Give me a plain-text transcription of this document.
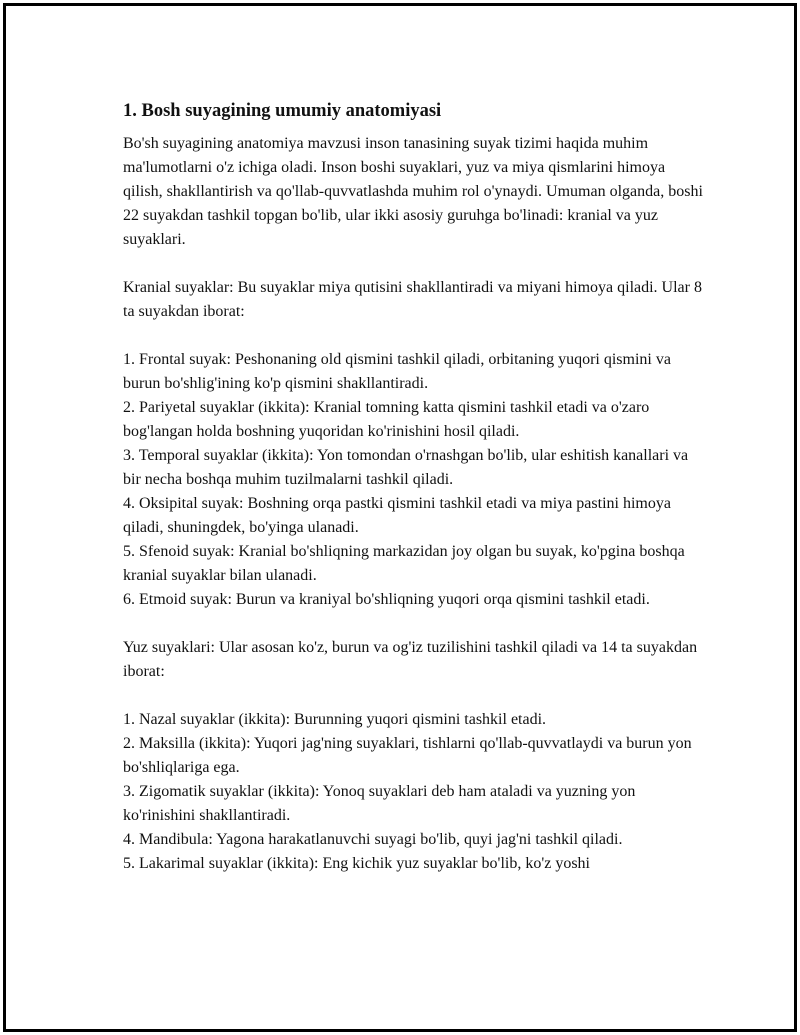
1. Bosh suyagining umumiy anatomiyasi

Bo'sh suyagining anatomiya mavzusi inson tanasining suyak tizimi haqida muhim ma'lumotlarni o'z ichiga oladi. Inson boshi suyaklari, yuz va miya qismlarini himoya qilish, shakllantirish va qo'llab-quvvatlashda muhim rol o'ynaydi. Umuman olganda, boshi 22 suyakdan tashkil topgan bo'lib, ular ikki asosiy guruhga bo'linadi: kranial va yuz suyaklari.

Kranial suyaklar: Bu suyaklar miya qutisini shakllantiradi va miyani himoya qiladi. Ular 8 ta suyakdan iborat:

1. Frontal suyak: Peshonaning old qismini tashkil qiladi, orbitaning yuqori qismini va burun bo'shlig'ining ko'p qismini shakllantiradi.
2. Pariyetal suyaklar (ikkita): Kranial tomning katta qismini tashkil etadi va o'zaro bog'langan holda boshning yuqoridan ko'rinishini hosil qiladi.
3. Temporal suyaklar (ikkita): Yon tomondan o'rnashgan bo'lib, ular eshitish kanallari va bir necha boshqa muhim tuzilmalarni tashkil qiladi.
4. Oksipital suyak: Boshning orqa pastki qismini tashkil etadi va miya pastini himoya qiladi, shuningdek, bo'yinga ulanadi.
5. Sfenoid suyak: Kranial bo'shliqning markazidan joy olgan bu suyak, ko'pgina boshqa kranial suyaklar bilan ulanadi.
6. Etmoid suyak: Burun va kraniyal bo'shliqning yuqori orqa qismini tashkil etadi.

Yuz suyaklari: Ular asosan ko'z, burun va og'iz tuzilishini tashkil qiladi va 14 ta suyakdan iborat:

1. Nazal suyaklar (ikkita): Burunning yuqori qismini tashkil etadi.
2. Maksilla (ikkita): Yuqori jag'ning suyaklari, tishlarni qo'llab-quvvatlaydi va burun yon bo'shliqlariga ega.
3. Zigomatik suyaklar (ikkita): Yonoq suyaklari deb ham ataladi va yuzning yon ko'rinishini shakllantiradi.
4. Mandibula: Yagona harakatlanuvchi suyagi bo'lib, quyi jag'ni tashkil qiladi.
5. Lakarimal suyaklar (ikkita): Eng kichik yuz suyaklar bo'lib, ko'z yoshi
